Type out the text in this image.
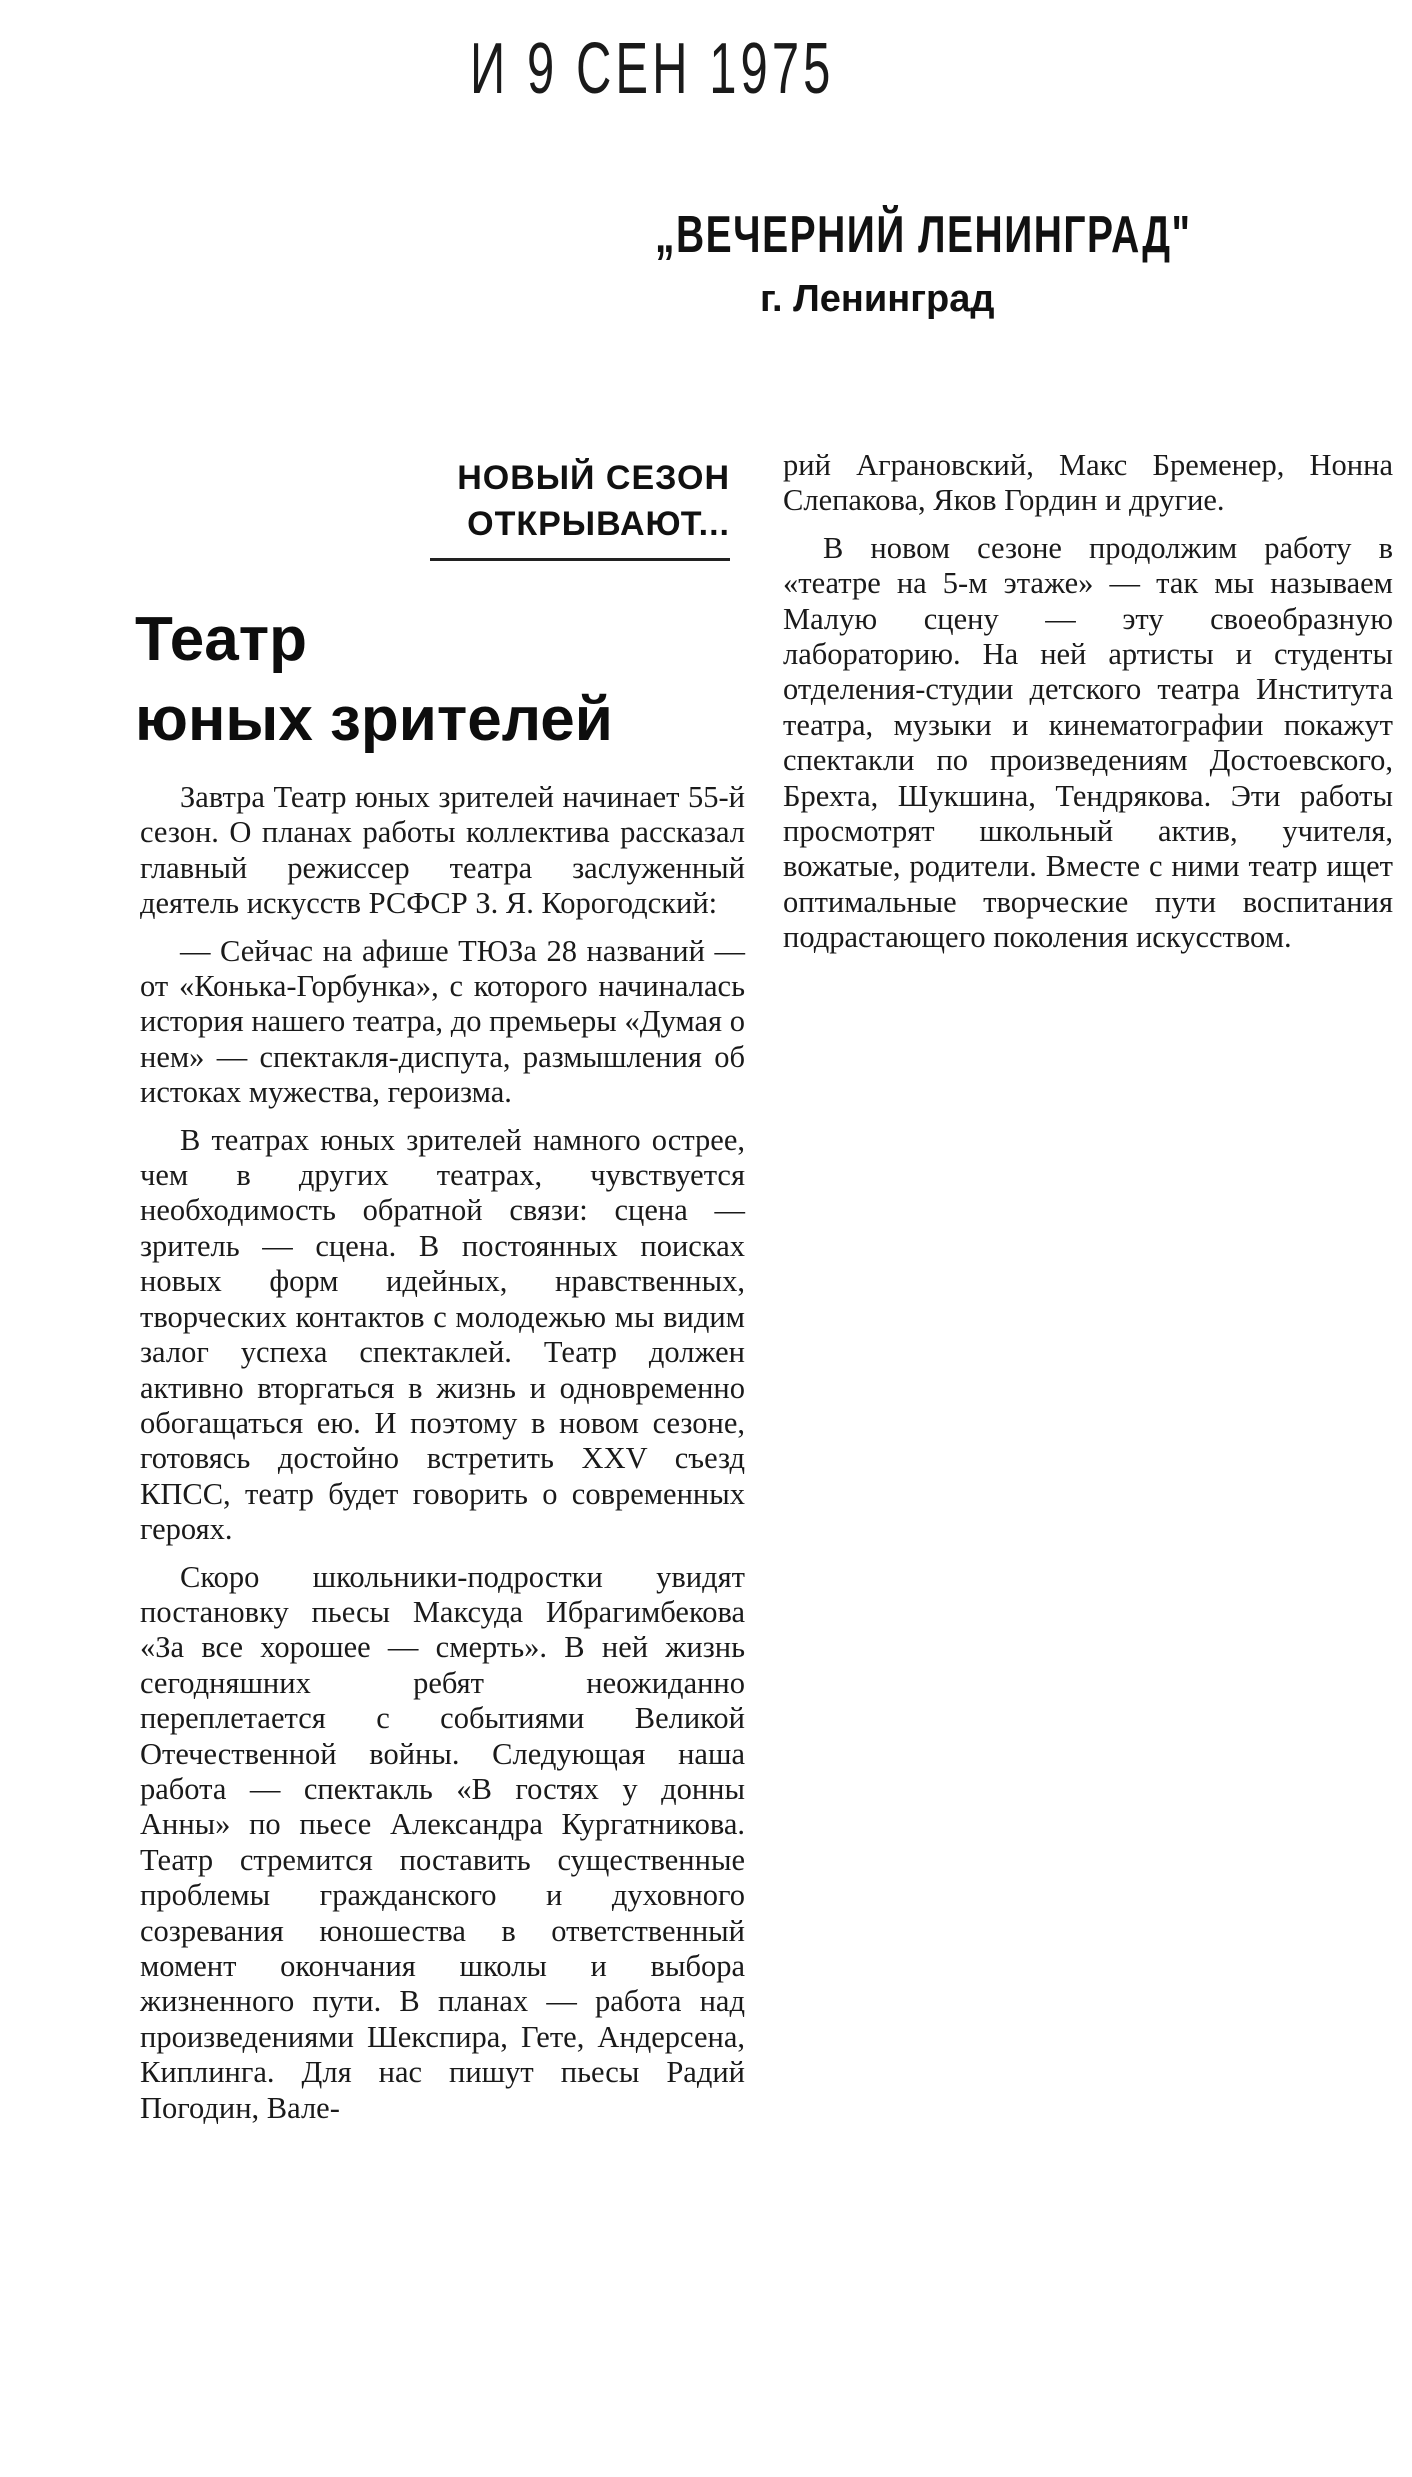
И 9 СЕН 1975
„ВЕЧЕРНИЙ ЛЕНИНГРАД"
г. Ленинград
НОВЫЙ СЕЗОН
ОТКРЫВАЮТ...
Театр
юных зрителей

Завтра Театр юных зрителей начинает 55-й сезон. О планах работы коллектива рассказал главный режиссер театра заслуженный деятель искусств РСФСР З. Я. Корогодский:

— Сейчас на афише ТЮЗа 28 названий — от «Конька-Горбунка», с которого начиналась история нашего театра, до премьеры «Думая о нем» — спектакля-диспута, размышления об истоках мужества, героизма.

В театрах юных зрителей намного острее, чем в других театрах, чувствуется необходимость обратной связи: сцена — зритель — сцена. В постоянных поисках новых форм идейных, нравственных, творческих контактов с молодежью мы видим залог успеха спектаклей. Театр должен активно вторгаться в жизнь и одновременно обогащаться ею. И поэтому в новом сезоне, готовясь достойно встретить XXV съезд КПСС, театр будет говорить о современных героях.

Скоро школьники-подростки увидят постановку пьесы Максуда Ибрагимбекова «За все хорошее — смерть». В ней жизнь сегодняшних ребят неожиданно переплетается с событиями Великой Отечественной войны. Следующая наша работа — спектакль «В гостях у донны Анны» по пьесе Александра Кургатникова. Театр стремится поставить существенные проблемы гражданского и духовного созревания юношества в ответственный момент окончания школы и выбора жизненного пути. В планах — работа над произведениями Шекспира, Гете, Андерсена, Киплинга. Для нас пишут пьесы Радий Погодин, Вале-

рий Аграновский, Макс Бременер, Нонна Слепакова, Яков Гордин и другие.

В новом сезоне продолжим работу в «театре на 5-м этаже» — так мы называем Малую сцену — эту своеобразную лабораторию. На ней артисты и студенты отделения-студии детского театра Института театра, музыки и кинематографии покажут спектакли по произведениям Достоевского, Брехта, Шукшина, Тендрякова. Эти работы просмотрят школьный актив, учителя, вожатые, родители. Вместе с ними театр ищет оптимальные творческие пути воспитания подрастающего поколения искусством.
